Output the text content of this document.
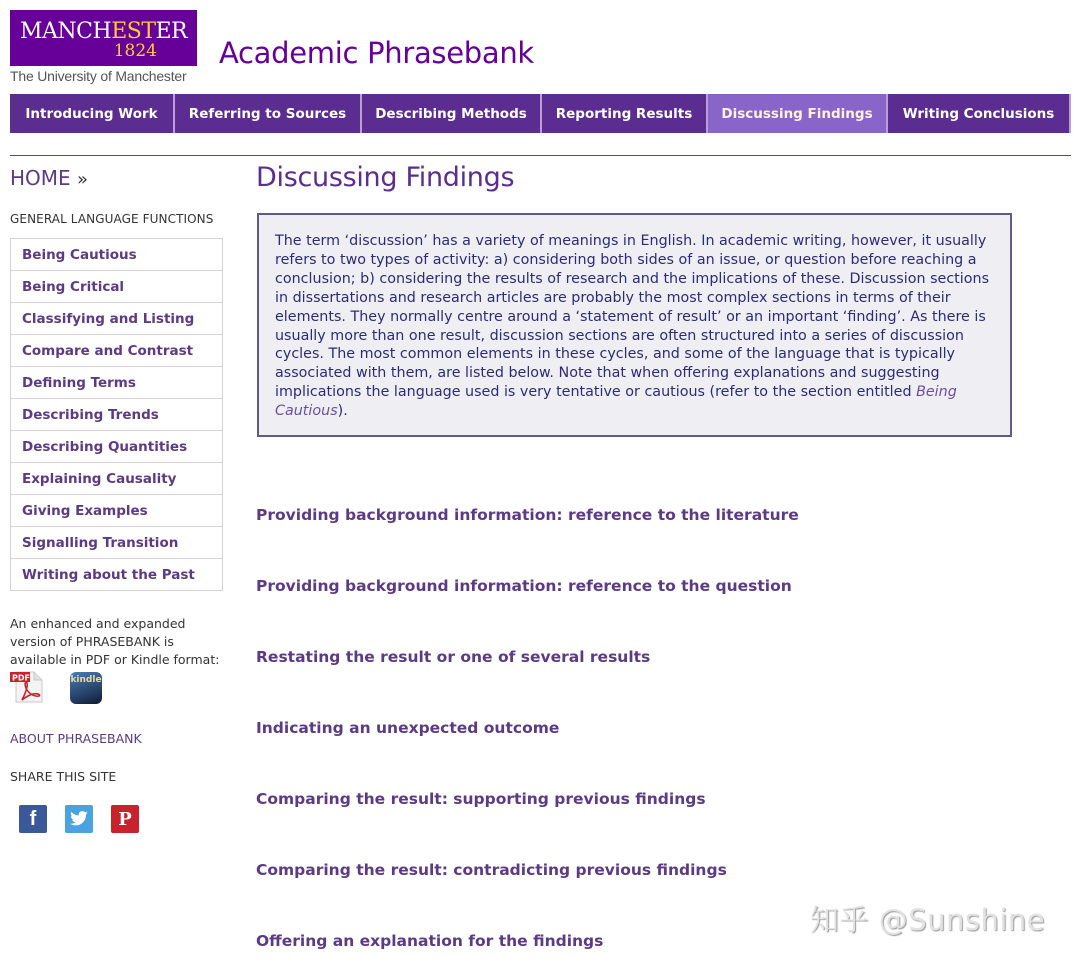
MANCHESTER
1824
The University of Manchester
Academic Phrasebank
Introducing Work Referring to Sources Describing Methods Reporting Results Discussing Findings Writing Conclusions
HOME »
GENERAL LANGUAGE FUNCTIONS
Being Cautious
Being Critical
Classifying and Listing
Compare and Contrast
Defining Terms
Describing Trends
Describing Quantities
Explaining Causality
Giving Examples
Signalling Transition
Writing about the Past
An enhanced and expanded version of PHRASEBANK is available in PDF or Kindle format:
PDF	kindle
ABOUT PHRASEBANK
SHARE THIS SITE
f	P
Discussing Findings
The term ‘discussion’ has a variety of meanings in English. In academic writing, however, it usually refers to two types of activity: a) considering both sides of an issue, or question before reaching a conclusion; b) considering the results of research and the implications of these. Discussion sections in dissertations and research articles are probably the most complex sections in terms of their elements. They normally centre around a ‘statement of result’ or an important ‘finding’. As there is usually more than one result, discussion sections are often structured into a series of discussion cycles. The most common elements in these cycles, and some of the language that is typically associated with them, are listed below. Note that when offering explanations and suggesting implications the language used is very tentative or cautious (refer to the section entitled Being Cautious).
Providing background information: reference to the literature
Providing background information: reference to the question
Restating the result or one of several results
Indicating an unexpected outcome
Comparing the result: supporting previous findings
Comparing the result: contradicting previous findings
Offering an explanation for the findings
知乎 @Sunshine
